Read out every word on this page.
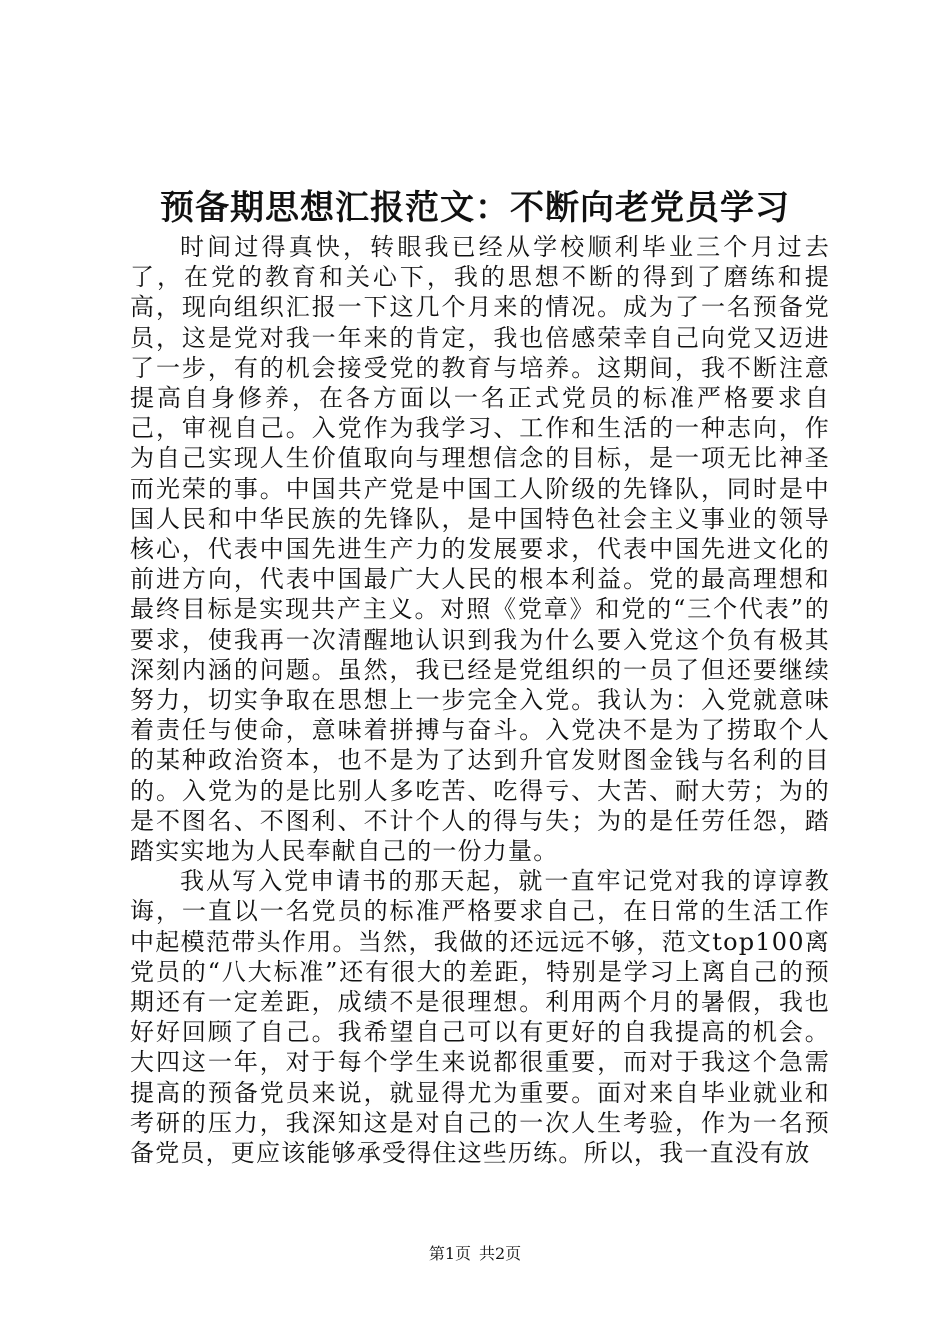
预备期思想汇报范文：不断向老党员学习

时间过得真快，转眼我已经从学校顺利毕业三个月过去了，在党的教育和关心下，我的思想不断的得到了磨练和提高，现向组织汇报一下这几个月来的情况。成为了一名预备党员，这是党对我一年来的肯定，我也倍感荣幸自己向党又迈进了一步，有的机会接受党的教育与培养。这期间，我不断注意提高自身修养，在各方面以一名正式党员的标准严格要求自己，审视自己。入党作为我学习、工作和生活的一种志向，作为自己实现人生价值取向与理想信念的目标，是一项无比神圣而光荣的事。中国共产党是中国工人阶级的先锋队，同时是中国人民和中华民族的先锋队，是中国特色社会主义事业的领导核心，代表中国先进生产力的发展要求，代表中国先进文化的前进方向，代表中国最广大人民的根本利益。党的最高理想和最终目标是实现共产主义。对照《党章》和党的“三个代表”的要求，使我再一次清醒地认识到我为什么要入党这个负有极其深刻内涵的问题。虽然，我已经是党组织的一员了但还要继续努力，切实争取在思想上一步完全入党。我认为：入党就意味着责任与使命，意味着拼搏与奋斗。入党决不是为了捞取个人的某种政治资本，也不是为了达到升官发财图金钱与名利的目的。入党为的是比别人多吃苦、吃得亏、大苦、耐大劳；为的是不图名、不图利、不计个人的得与失；为的是任劳任怨，踏踏实实地为人民奉献自己的一份力量。

我从写入党申请书的那天起，就一直牢记党对我的谆谆教诲，一直以一名党员的标准严格要求自己，在日常的生活工作中起模范带头作用。当然，我做的还远远不够，范文top100离党员的“八大标准”还有很大的差距，特别是学习上离自己的预期还有一定差距，成绩不是很理想。利用两个月的暑假，我也好好回顾了自己。我希望自己可以有更好的自我提高的机会。大四这一年，对于每个学生来说都很重要，而对于我这个急需提高的预备党员来说，就显得尤为重要。面对来自毕业就业和考研的压力，我深知这是对自己的一次人生考验，作为一名预备党员，更应该能够承受得住这些历练。所以，我一直没有放

第1页 共2页
